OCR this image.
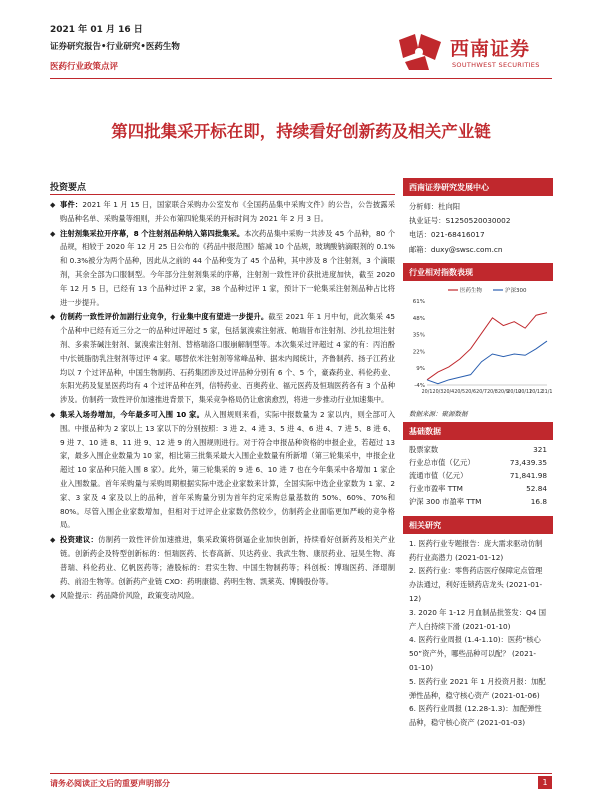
2021 年 01 月 16 日
证券研究报告•行业研究•医药生物
医药行业政策点评
西南证券
SOUTHWEST SECURITIES
第四批集采开标在即，持续看好创新药及相关产业链
投资要点
◆ 事件：2021 年 1 月 15 日，国家联合采购办公室发布《全国药品集中采购文件》的公告，公告披露采购品种名单、采购量等细则，并公布第四轮集采的开标时间为 2021 年 2 月 3 日。
◆ 注射剂集采拉开序幕，8 个注射剂品种纳入第四批集采。本次药品集中采购一共涉及 45 个品种，80 个品规，相较于 2020 年 12 月 25 日公布的《药品中报范围》缩减 10 个品规，玻璃酸钠滴眼剂的 0.1%和 0.3%被分为两个品种，因此从之前的 44 个品种变为了 45 个品种，其中涉及 8 个注射剂，3 个滴眼剂，其余全部为口服制型。今年部分注射剂集采的序幕，注射剂一致性评价获批进度加快，截至 2020 年 12 月 5 日，已经有 13 个品种过评 2 家，38 个品种过评 1 家，预计下一轮集采注射剂品种占比将进一步提升。
◆ 仿制药一致性评价加剧行业竞争，行业集中度有望进一步提升。截至 2021 年 1 月中旬，此次集采 45 个品种中已经有近三分之一的品种过评超过 5 家，包括氯溴索注射液、帕瑞昔布注射剂、沙扎拉坦注射剂、多索茶碱注射剂、氯溴索注射剂、替格瑞洛口服崩解制型等。本次集采过评超过 4 家的有：丙泊酚中/长链脂肪乳注射剂等过评 4 家。哪替依米注射剂等常峰品种、据未内闻统计，齐鲁制药、扬子江药业均以 7 个过评品种，中国生物制药、石药集团涉及过评品种分别有 6 个、5 个，豪森药业、科伦药业、东阳光药及复星医药均有 4 个过评品种在列，信特药业、百奥药业、福元医药及恒瑞医药各有 3 个品种涉及。仿制药一致性评价加速推进背景下，集采竞争格局仍让愈演愈烈，将进一步推动行业加速集中。
◆ 集采入场券增加，今年最多可入围 10 家。从入围规则来看，实际中报数量为 2 家以内，则全部可入围。中报品种为 2 家以上 13 家以下的分别按照：3 进 2、4 进 3、5 进 4、6 进 4、7 进 5、8 进 6、9 进 7、10 进 8、11 进 9、12 进 9 的入围规则进行。对于符合申报品种资格的申报企业，若超过 13 家，最多入围企业数量为 10 家，相比第三批集采最大入围企业数量有所新增（第三轮集采中，申报企业超过 10 家品种只能入围 8 家）。此外，第三轮集采的 9 进 6、10 进 7 也在今年集采中各增加 1 家企业入围数量。首年采购量与采购周期根据实际中选企业家数来计算，全国实际中选企业家数为 1 家、2 家、3 家及 4 家及以上的品种，首年采购量分别为首年约定采购总量基数的 50%、60%、70%和 80%。尽管入围企业家数增加，但相对于过评企业家数仍然较少，仿制药企业面临更加严峻的竞争格局。
◆ 投资建议：仿制药一致性评价加速推进，集采政策将倒逼企业加快创新，持续看好创新药及相关产业链。创新药企及特型创新标的：恒瑞医药、长春高新、贝达药业、我武生物、康辰药业、冠昊生物、海普瑞、科伦药业、亿帆医药等；港股标的：君实生物、中国生物制药等；科创板：博瑞医药、泽璟制药、前沿生物等。创新药产业链 CXO：药明康德、药明生物、凯莱英、博腾股份等。
◆ 风险提示：药品降价风险，政策变动风险。
西南证券研究发展中心
分析师：杜向阳
执业证号：S1250520030002
电话：021-68416017
邮箱：duxy@swsc.com.cn
行业相对指数表现
-4%
9%
22%
35%
48%
61%
20/1 20/3 20/4 20/5 20/6 20/7 20/8 20/9
20/10
20/11
20/12
21/1
医药生物	沪深300
数据来源：聚源数据
基础数据
股票家数	321
行业总市值（亿元）	73,439.35
流通市值（亿元）	71,841.98
行业市盈率 TTM	52.84
沪深 300 市盈率 TTM	16.8
相关研究
1. 医药行业专题报告：庞大需求驱动仿制药行业高潜力 (2021-01-12)
2. 医药行业：零售药店医疗保障定点管理办法通过，利好连锁药店龙头 (2021-01-12)
3. 2020 年 1-12 月血制品批签发：Q4 国产人白持续下滑 (2021-01-10)
4. 医药行业周报 (1.4-1.10)：医药“核心 50”资产外，哪些品种可以配？ (2021-01-10)
5. 医药行业 2021 年 1 月投资月报：加配弹性品种，稳守核心资产 (2021-01-06)
6. 医药行业周报 (12.28-1.3)：加配弹性品种，稳守核心资产 (2021-01-03)
请务必阅读正文后的重要声明部分	1
